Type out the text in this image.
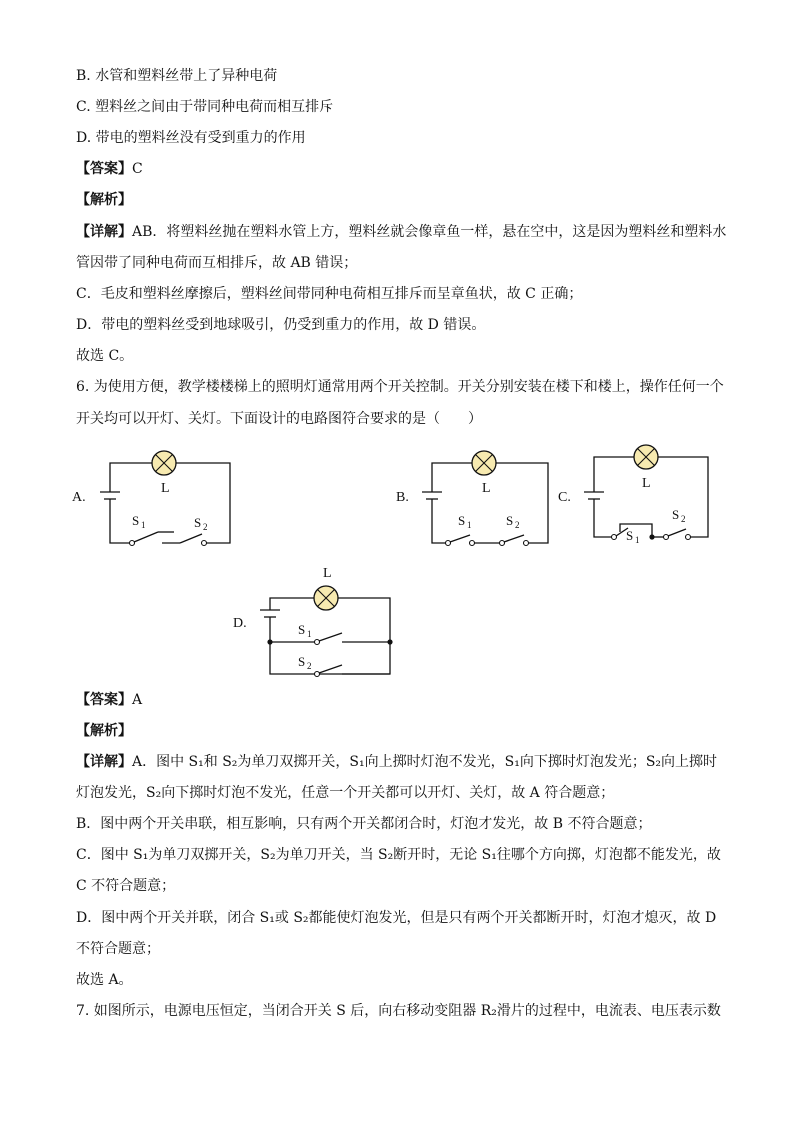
B. 水管和塑料丝带上了异种电荷
C. 塑料丝之间由于带同种电荷而相互排斥
D. 带电的塑料丝没有受到重力的作用
【答案】C
【解析】
【详解】AB．将塑料丝抛在塑料水管上方，塑料丝就会像章鱼一样，悬在空中，这是因为塑料丝和塑料水
管因带了同种电荷而互相排斥，故 AB 错误；
C．毛皮和塑料丝摩擦后，塑料丝间带同种电荷相互排斥而呈章鱼状，故 C 正确；
D．带电的塑料丝受到地球吸引，仍受到重力的作用，故 D 错误。
故选 C。
6. 为使用方便，教学楼楼梯上的照明灯通常用两个开关控制。开关分别安装在楼下和楼上，操作任何一个
开关均可以开灯、关灯。下面设计的电路图符合要求的是（　　）
A.
L
S 1	S 2
B.
L
S 1	S 2
C.
L
S 1
S 2
D.
L
S 1
S 2
【答案】A
【解析】
【详解】A．图中 S₁和 S₂为单刀双掷开关，S₁向上掷时灯泡不发光，S₁向下掷时灯泡发光；S₂向上掷时
灯泡发光，S₂向下掷时灯泡不发光，任意一个开关都可以开灯、关灯，故 A 符合题意；
B．图中两个开关串联，相互影响，只有两个开关都闭合时，灯泡才发光，故 B 不符合题意；
C．图中 S₁为单刀双掷开关，S₂为单刀开关，当 S₂断开时，无论 S₁往哪个方向掷，灯泡都不能发光，故
C 不符合题意；
D．图中两个开关并联，闭合 S₁或 S₂都能使灯泡发光，但是只有两个开关都断开时，灯泡才熄灭，故 D
不符合题意；
故选 A。
7. 如图所示，电源电压恒定，当闭合开关 S 后，向右移动变阻器 R₂滑片的过程中，电流表、电压表示数
